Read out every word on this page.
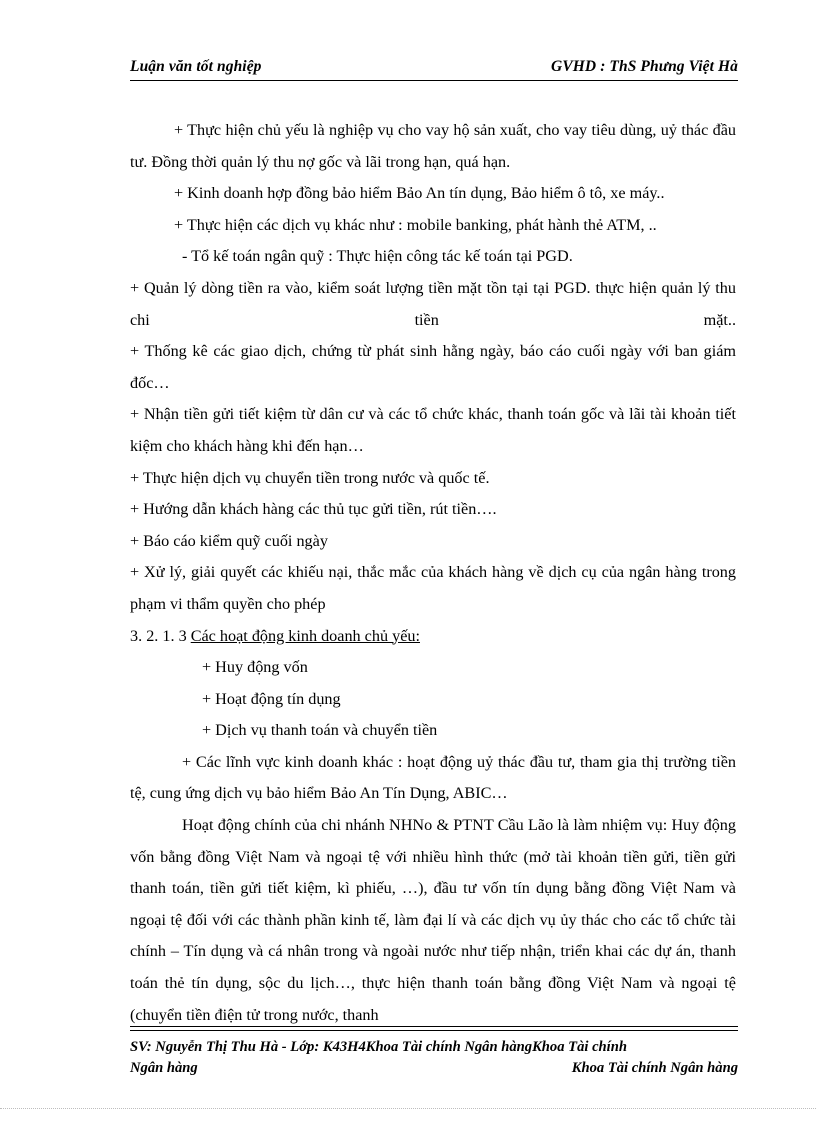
Luận văn tốt nghiệp	GVHD : ThS Phưng Việt Hà

+ Thực hiện chủ yếu là nghiệp vụ cho vay hộ sản xuất, cho vay tiêu dùng, uỷ thác đầu tư. Đồng thời quản lý thu nợ gốc và lãi trong hạn, quá hạn.

+ Kinh doanh hợp đồng bảo hiểm Bảo An tín dụng, Bảo hiểm ô tô, xe máy..

+ Thực hiện các dịch vụ khác như : mobile banking, phát hành thẻ ATM, ..

- Tổ kế toán ngân quỹ : Thực hiện công tác kế toán tại PGD.

+ Quản lý dòng tiền ra vào, kiểm soát lượng tiền mặt tồn tại tại PGD. thực hiện quản lý thu chi tiền mặt..

+ Thống kê các giao dịch, chứng từ phát sinh hằng ngày, báo cáo cuối ngày với ban giám đốc…

+ Nhận tiền gửi tiết kiệm từ dân cư và các tổ chức khác, thanh toán gốc và lãi tài khoản tiết kiệm cho khách hàng khi đến hạn…

+ Thực hiện dịch vụ chuyển tiền trong nước và quốc tế.

+ Hướng dẫn khách hàng các thủ tục gửi tiền, rút tiền….

+ Báo cáo kiểm quỹ cuối ngày

+ Xử lý, giải quyết các khiếu nại, thắc mắc của khách hàng về dịch cụ của ngân hàng trong phạm vi thẩm quyền cho phép

3. 2. 1. 3 Các hoạt động kinh doanh chủ yếu:

+ Huy động vốn

+ Hoạt động tín dụng

+ Dịch vụ thanh toán và chuyển tiền

+ Các lĩnh vực kinh doanh khác : hoạt động uỷ thác đầu tư, tham gia thị trường tiền tệ, cung ứng dịch vụ bảo hiểm Bảo An Tín Dụng, ABIC…

Hoạt động chính của chi nhánh NHNo & PTNT Cầu Lão là làm nhiệm vụ: Huy động vốn bằng đồng Việt Nam và ngoại tệ với nhiều hình thức (mở tài khoản tiền gửi, tiền gửi thanh toán, tiền gửi tiết kiệm, kì phiếu, …), đầu tư vốn tín dụng bằng đồng Việt Nam và ngoại tệ đối với các thành phần kinh tế, làm đại lí và các dịch vụ ủy thác cho các tổ chức tài chính – Tín dụng và cá nhân trong và ngoài nước như tiếp nhận, triển khai các dự án, thanh toán thẻ tín dụng, sộc du lịch…, thực hiện thanh toán bằng đồng Việt Nam và ngoại tệ (chuyển tiền điện tử trong nước, thanh

SV: Nguyễn Thị Thu Hà - Lớp: K43H4Khoa Tài chính Ngân hàngKhoa Tài chính
Ngân hàng	Khoa Tài chính Ngân hàng
